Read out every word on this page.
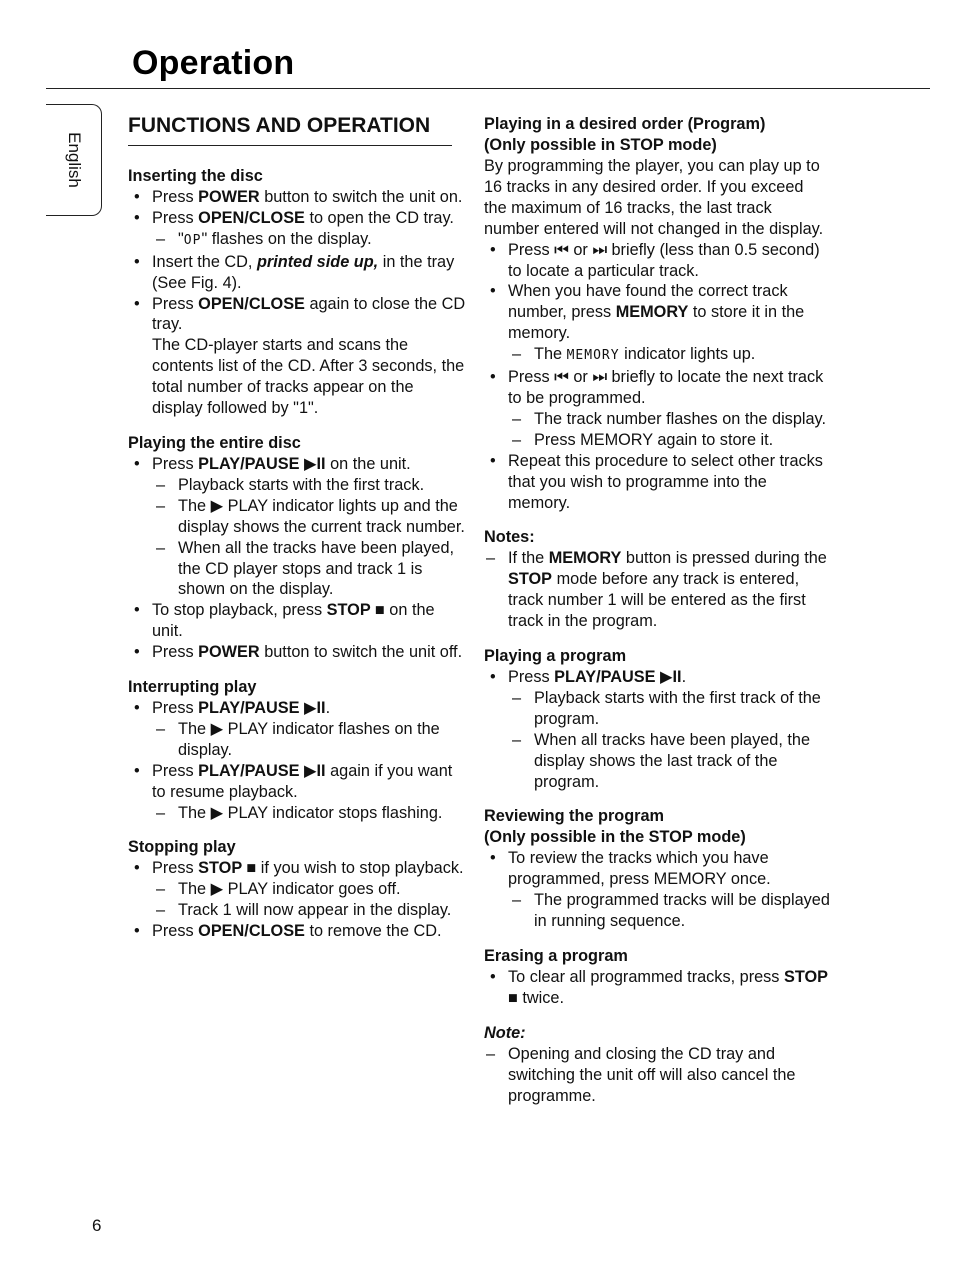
Operation
English
FUNCTIONS AND OPERATION
Inserting the disc
• Press POWER button to switch the unit on.
• Press OPEN/CLOSE to open the CD tray.
– "OP" flashes on the display.
• Insert the CD, printed side up, in the tray (See Fig. 4).
• Press OPEN/CLOSE again to close the CD tray.

The CD-player starts and scans the contents list of the CD. After 3 seconds, the total number of tracks appear on the display followed by "1".

Playing the entire disc
• Press PLAY/PAUSE ▶II on the unit.
– Playback starts with the first track.
– The ▶ PLAY indicator lights up and the display shows the current track number.
– When all the tracks have been played, the CD player stops and track 1 is shown on the display.
• To stop playback, press STOP ■ on the unit.
• Press POWER button to switch the unit off.
Interrupting play
• Press PLAY/PAUSE ▶II.
– The ▶ PLAY indicator flashes on the display.
• Press PLAY/PAUSE ▶II again if you want to resume playback.
– The ▶ PLAY indicator stops flashing.
Stopping play
• Press STOP ■ if you wish to stop playback.
– The ▶ PLAY indicator goes off.
– Track 1 will now appear in the display.
• Press OPEN/CLOSE to remove the CD.
Playing in a desired order (Program)
(Only possible in STOP mode)

By programming the player, you can play up to 16 tracks in any desired order. If you exceed the maximum of 16 tracks, the last track number entered will not changed in the display.

• Press ⏮ or ⏭ briefly (less than 0.5 second) to locate a particular track.
• When you have found the correct track number, press MEMORY to store it in the memory.
– The MEMORY indicator lights up.
• Press ⏮ or ⏭ briefly to locate the next track to be programmed.
– The track number flashes on the display.
– Press MEMORY again to store it.
• Repeat this procedure to select other tracks that you wish to programme into the memory.
Notes:
– If the MEMORY button is pressed during the STOP mode before any track is entered, track number 1 will be entered as the first track in the program.
Playing a program
• Press PLAY/PAUSE ▶II.
– Playback starts with the first track of the program.
– When all tracks have been played, the display shows the last track of the program.
Reviewing the program
(Only possible in the STOP mode)
• To review the tracks which you have programmed, press MEMORY once.
– The programmed tracks will be displayed in running sequence.
Erasing a program
• To clear all programmed tracks, press STOP ■ twice.
Note:
– Opening and closing the CD tray and switching the unit off will also cancel the programme.
6
